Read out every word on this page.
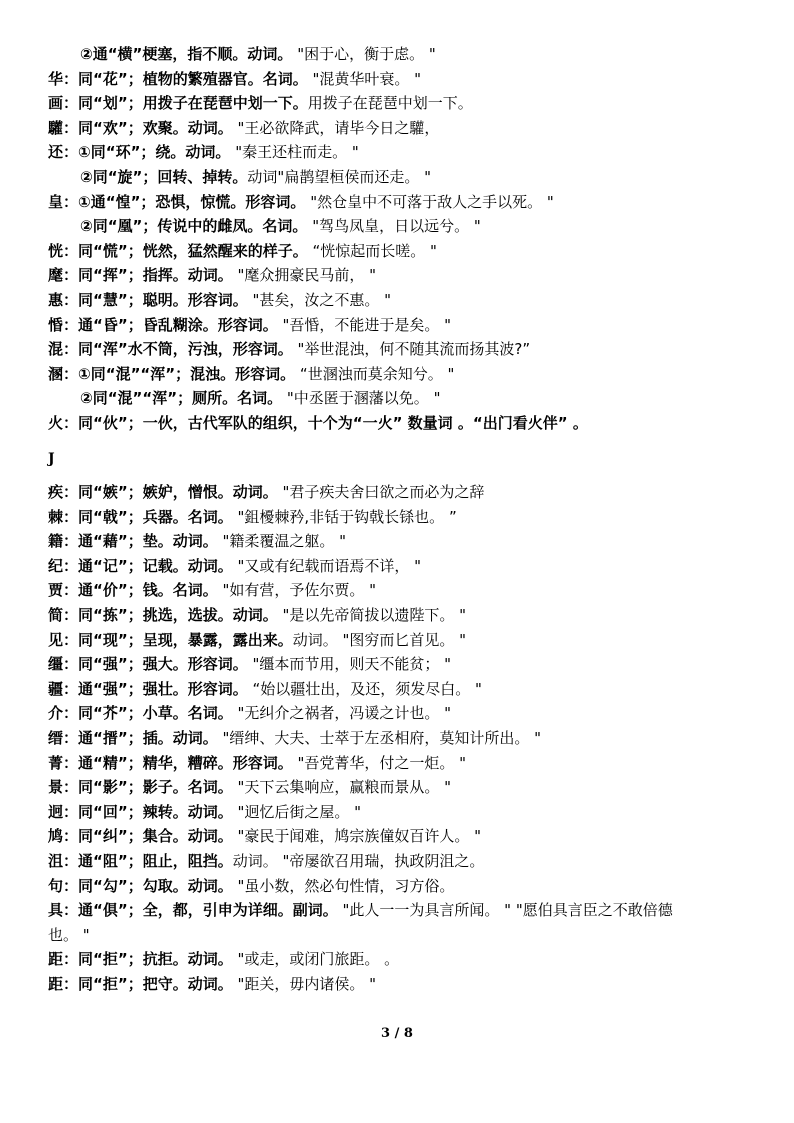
②通“横”梗塞，指不顺。动词。 "困于心，衡于虑。 "
华：同“花”；植物的繁殖器官。名词。 "混黄华叶衰。 "
画：同“划”；用拨子在琵琶中划一下。用拨子在琵琶中划一下。
驩：同“欢”；欢聚。动词。 "王必欲降武，请毕今日之驩，
还：①同“环”；绕。动词。 "秦王还柱而走。 "
②同“旋”；回转、掉转。动词"扁鹊望桓侯而还走。 "
皇：①通“惶”；恐惧，惊慌。形容词。 "然仓皇中不可落于敌人之手以死。 "
②同“凰”；传说中的雌凤。名词。 "驾鸟凤皇，日以远兮。 "
恍：同“慌”；恍然，猛然醒来的样子。 “恍惊起而长嗟。 "
麾：同“挥”；指挥。动词。 "麾众拥豪民马前， "
惠：同“慧”；聪明。形容词。 "甚矣，汝之不惠。 "
惛：通“昏”；昏乱糊涂。形容词。 "吾惛，不能进于是矣。 "
混：同“浑”水不筒，污浊，形容词。 "举世混浊，何不随其流而扬其波?”
溷：①同“混”“浑”；混浊。形容词。 “世溷浊而莫余知兮。 "
②同“混”“浑”；厕所。名词。 "中丞匿于溷藩以免。 "
火：同“伙”；一伙，古代军队的组织，十个为“一火” 数量词 。“出门看火伴” 。
J
疾：同“嫉”；嫉妒，憎恨。动词。 "君子疾夫舍曰欲之而必为之辞
棘：同“戟”；兵器。名词。 "鉏櫌棘矜,非铦于钩戟长铩也。 ”
籍：通“藉”；垫。动词。 "籍柔覆温之躯。 "
纪：通“记”；记载。动词。 "又或有纪载而语焉不详， "
贾：通“价”；钱。名词。 "如有营，予佐尔贾。 "
简：同“拣”；挑选，选拔。动词。 "是以先帝简拔以遗陛下。 "
见：同“现”；呈现，暴露，露出来。动词。 "图穷而匕首见。 "
缰：同“强”；强大。形容词。 "缰本而节用，则天不能贫； "
疆：通“强”；强壮。形容词。 “始以疆壮出，及还，须发尽白。 "
介：同“芥”；小草。名词。 "无纠介之祸者，冯谖之计也。 "
缙：通“搢”；插。动词。 "缙绅、大夫、士萃于左丞相府，莫知计所出。 "
菁：通“精”；精华，糟碎。形容词。 "吾党菁华，付之一炬。 "
景：同“影”；影子。名词。 "天下云集响应，赢粮而景从。 "
迥：同“回”；辣转。动词。 "迥忆后街之屋。 "
鸠：同“纠”；集合。动词。 "豪民于闻难，鸠宗族僮奴百许人。 "
沮：通“阻”；阻止，阻挡。动词。 "帝屡欲召用瑞，执政阴沮之。
句：同“勾”；勾取。动词。 "虽小数，然必句性情，习方俗。
具：通“俱”；全，都，引申为详细。副词。 "此人一一为具言所闻。 " "愿伯具言臣之不敢倍德
也。 "
距：同“拒”；抗拒。动词。 "或走，或闭门旅距。 。
距：同“拒”；把守。动词。 "距关，毋内诸侯。 "
3 / 8
